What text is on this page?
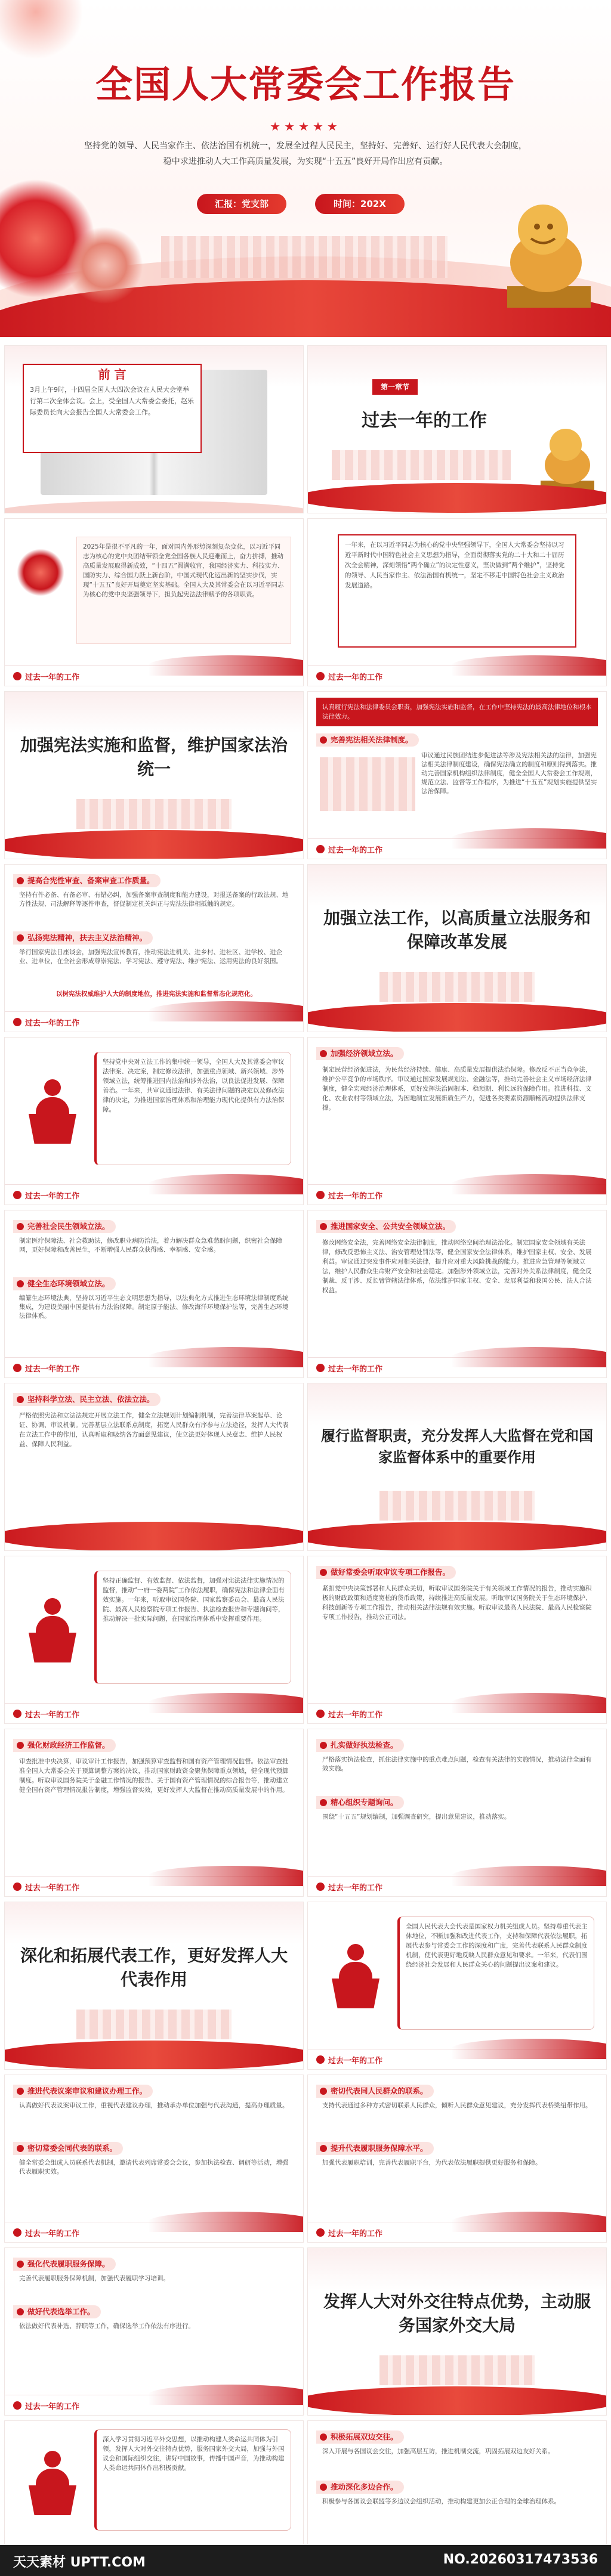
全国人大常委会工作报告
★★★★★
坚持党的领导、人民当家作主、依法治国有机统一，发展全过程人民民主，坚持好、完善好、运行好人民代表大会制度，稳中求进推动人大工作高质量发展，为实现“十五五”良好开局作出应有贡献。
汇报：党支部	时间：202X
前 言
3月上午9时，十四届全国人大四次会议在人民大会堂举行第二次全体会议。会上，受全国人大常委会委托，赵乐际委员长向大会报告全国人大常委会工作。
第一章节
过去一年的工作
2025年是很不平凡的一年，面对国内外形势深刻复杂变化，以习近平同志为核心的党中央团结带领全党全国各族人民迎难而上，奋力拼搏，推动高质量发展取得新成效，“十四五”圆满收官，我国经济实力、科技实力、国防实力、综合国力跃上新台阶，中国式现代化迈出新的坚实步伐，实现“十五五”良好开局奠定坚实基础。全国人大及其常委会在以习近平同志为核心的党中央坚强领导下，担负起宪法法律赋予的各项职责。
过去一年的工作
一年来，在以习近平同志为核心的党中央坚强领导下，全国人大常委会坚持以习近平新时代中国特色社会主义思想为指导，全面贯彻落实党的二十大和二十届历次全会精神，深刻领悟“两个确立”的决定性意义，坚决做到“两个维护”，坚持党的领导、人民当家作主、依法治国有机统一，坚定不移走中国特色社会主义政治发展道路。
过去一年的工作
加强宪法实施和监督，维护国家法治统一
认真履行宪法和法律委员会职责，加强宪法实施和监督，在工作中坚持宪法的最高法律地位和根本法律效力。
完善宪法相关法律制度。
审议通过民族团结进步促进法等涉及宪法相关法的法律，加强宪法相关法律制度建设，确保宪法确立的制度和原则得到落实。推动完善国家机构组织法律制度，健全全国人大常委会工作规则，规范立法、监督等工作程序，为推进“十五五”规划实施提供坚实法治保障。
过去一年的工作
提高合宪性审查、备案审查工作质量。
坚持有件必备、有备必审、有错必纠，加强备案审查制度和能力建设，对报送备案的行政法规、地方性法规、司法解释等逐件审查，督促制定机关纠正与宪法法律相抵触的规定。
弘扬宪法精神，扶去主义法治精神。
举行国家宪法日座谈会，加强宪法宣传教育，推动宪法进机关、进乡村、进社区、进学校、进企业、进单位，在全社会形成尊崇宪法、学习宪法、遵守宪法、维护宪法、运用宪法的良好氛围。
以树宪法权威维护人大的制度地位，推进宪法实施和监督常态化规范化。
过去一年的工作
加强立法工作，以高质量立法服务和保障改革发展
坚持党中央对立法工作的集中统一领导，全国人大及其常委会审议法律案、决定案，制定修改法律，加强重点领域、新兴领域、涉外领域立法，统筹推进国内法治和涉外法治，以良法促进发展、保障善治。一年来，共审议通过法律、有关法律问题的决定以及修改法律的决定，为推进国家治理体系和治理能力现代化提供有力法治保障。
过去一年的工作
加强经济领域立法。
制定民营经济促进法，为民营经济持续、健康、高质量发展提供法治保障。修改反不正当竞争法，维护公平竞争的市场秩序。审议通过国家发展规划法、金融法等，推动完善社会主义市场经济法律制度，健全宏观经济治理体系，更好发挥法治固根本、稳预期、利长远的保障作用。推进科技、文化、农业农村等领域立法，为因地制宜发展新质生产力，促进各类要素资源顺畅流动提供法律支撑。
过去一年的工作
完善社会民生领域立法。
制定医疗保障法、社会救助法，修改职业病防治法，着力解决群众急难愁盼问题，织密社会保障网，更好保障和改善民生，不断增强人民群众获得感、幸福感、安全感。
健全生态环境领域立法。
编纂生态环境法典，坚持以习近平生态文明思想为指导，以法典化方式推进生态环境法律制度系统集成，为建设美丽中国提供有力法治保障。制定原子能法、修改海洋环境保护法等，完善生态环境法律体系。
过去一年的工作
推进国家安全、公共安全领域立法。
修改网络安全法，完善网络安全法律制度，推动网络空间治理法治化。制定国家安全领域有关法律，修改反恐怖主义法、治安管理处罚法等，健全国家安全法律体系，维护国家主权、安全、发展利益。审议通过突发事件应对相关法律，提升应对重大风险挑战的能力。推进应急管理等领域立法，维护人民群众生命财产安全和社会稳定。加强涉外领域立法，完善对外关系法律制度，健全反制裁、反干涉、反长臂管辖法律体系，依法维护国家主权、安全、发展利益和我国公民、法人合法权益。
过去一年的工作
坚持科学立法、民主立法、依法立法。
严格依照宪法和立法法规定开展立法工作，健全立法规划计划编制机制，完善法律草案起草、论证、协调、审议机制。完善基层立法联系点制度，拓宽人民群众有序参与立法途径，发挥人大代表在立法工作中的作用，认真听取和吸纳各方面意见建议，使立法更好体现人民意志、维护人民权益、保障人民利益。	履行监督职责，充分发挥人大监督在党和国家监督体系中的重要作用
坚持正确监督、有效监督、依法监督，加强对宪法法律实施情况的监督，推动“一府一委两院”工作依法履职，确保宪法和法律全面有效实施。一年来，听取审议国务院、国家监察委员会、最高人民法院、最高人民检察院专项工作报告、执法检查报告和专题询问等，推动解决一批实际问题，在国家治理体系中发挥重要作用。
过去一年的工作
做好常委会听取审议专项工作报告。
紧扣党中央决策部署和人民群众关切，听取审议国务院关于有关领域工作情况的报告，推动实施积极的财政政策和适度宽松的货币政策，持续推进高质量发展。听取审议国务院关于生态环境保护、科技创新等专项工作报告，推动相关法律法规有效实施。听取审议最高人民法院、最高人民检察院专项工作报告，推动公正司法。
过去一年的工作
强化财政经济工作监督。
审查批准中央决算，审议审计工作报告，加强预算审查监督和国有资产管理情况监督。依法审查批准全国人大常委会关于预算调整方案的决议，推动国家财政资金聚焦保障重点领域，健全现代预算制度。听取审议国务院关于金融工作情况的报告、关于国有资产管理情况的综合报告等，推动建立健全国有资产管理情况报告制度，增强监督实效，更好发挥人大监督在推动高质量发展中的作用。
过去一年的工作
扎实做好执法检查。
严格落实执法检查，抓住法律实施中的重点难点问题，检查有关法律的实施情况，推动法律全面有效实施。
精心组织专题询问。
围绕“十五五”规划编制，加强调查研究，提出意见建议，推动落实。
过去一年的工作
深化和拓展代表工作，更好发挥人大代表作用
全国人民代表大会代表是国家权力机关组成人员。坚持尊重代表主体地位，不断加强和改进代表工作，支持和保障代表依法履职，拓展代表参与常委会工作的深度和广度，完善代表联系人民群众制度机制，使代表更好地反映人民群众意见和要求。一年来，代表们围绕经济社会发展和人民群众关心的问题提出议案和建议。
过去一年的工作
推进代表议案审议和建议办理工作。
认真做好代表议案审议工作，重视代表建议办理，推动承办单位加强与代表沟通，提高办理质量。
密切常委会同代表的联系。
健全常委会组成人员联系代表机制，邀请代表列席常委会会议，参加执法检查、调研等活动，增强代表履职实效。
过去一年的工作
密切代表同人民群众的联系。
支持代表通过多种方式密切联系人民群众，倾听人民群众意见建议，充分发挥代表桥梁纽带作用。
提升代表履职服务保障水平。
加强代表履职培训，完善代表履职平台，为代表依法履职提供更好服务和保障。
过去一年的工作
强化代表履职服务保障。
完善代表履职服务保障机制，加强代表履职学习培训。
做好代表选举工作。
依法做好代表补选、辞职等工作，确保选举工作依法有序进行。
过去一年的工作
发挥人大对外交往特点优势，主动服务国家外交大局
深入学习贯彻习近平外交思想，以推动构建人类命运共同体为引领，发挥人大对外交往特点优势，服务国家外交大局，加强与外国议会和国际组织交往，讲好中国故事，传播中国声音，为推动构建人类命运共同体作出积极贡献。
积极拓展双边交往。
深入开展与各国议会交往，加强高层互访，推进机制交流，巩固拓展双边友好关系。
推动深化多边合作。
积极参与各国议会联盟等多边议会组织活动，推动构建更加公正合理的全球治理体系。
天天素材 UPTT.COM	NO.20260317473536
